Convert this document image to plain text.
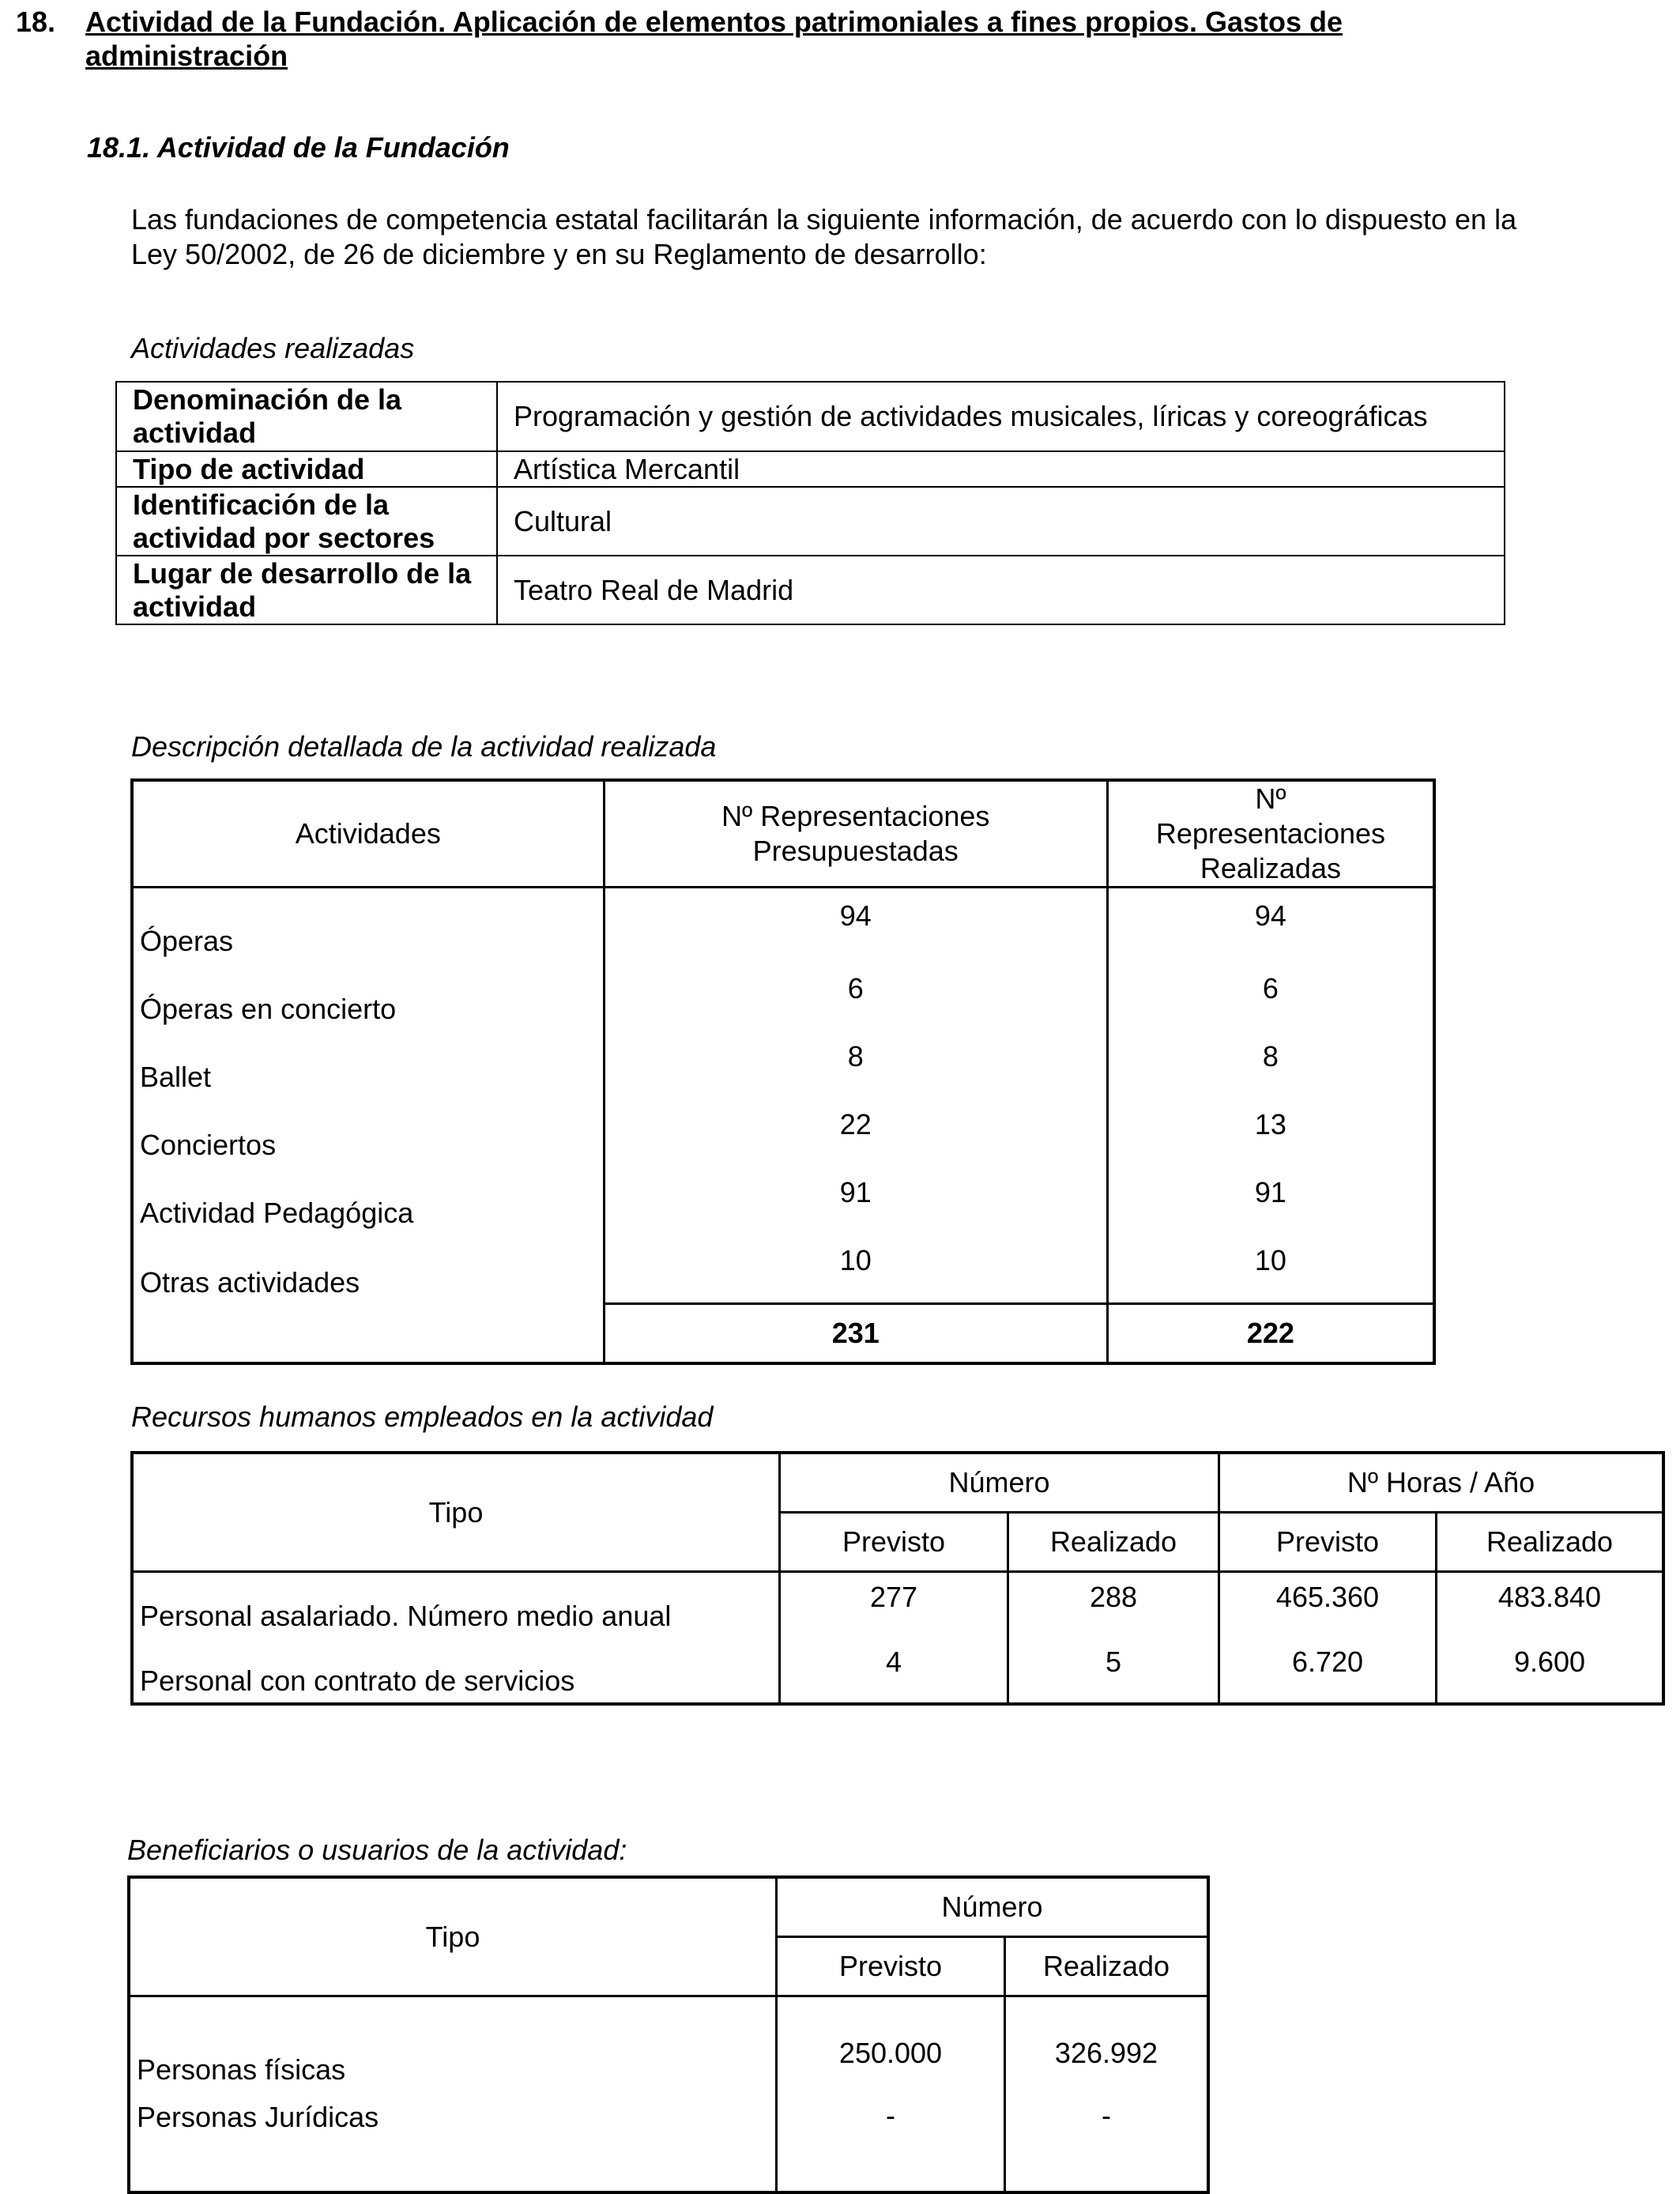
18. Actividad de la Fundación. Aplicación de elementos patrimoniales a fines propios. Gastos de
administración
18.1. Actividad de la Fundación
Las fundaciones de competencia estatal facilitarán la siguiente información, de acuerdo con lo dispuesto en la Ley 50/2002, de 26 de diciembre y en su Reglamento de desarrollo:
Actividades realizadas
Denominación de la actividad	Programación y gestión de actividades musicales, líricas y coreográficas
Tipo de actividad	Artística Mercantil
Identificación de la actividad por sectores	Cultural
Lugar de desarrollo de la actividad	Teatro Real de Madrid
Descripción detallada de la actividad realizada
Actividades	Nº Representaciones Presupuestadas	Nº Representaciones Realizadas
Óperas	94	94
Óperas en concierto	6	6
Ballet	8	8
Conciertos	22	13
Actividad Pedagógica	91	91
Otras actividades	10	10
	231	222
Recursos humanos empleados en la actividad
Tipo	Número		Nº Horas / Año	
	Previsto	Realizado	Previsto	Realizado
Personal asalariado. Número medio anual	277	288	465.360	483.840
Personal con contrato de servicios	4	5	6.720	9.600
Beneficiarios o usuarios de la actividad:
Tipo	Número	
	Previsto	Realizado
Personas físicas	250.000	326.992
Personas Jurídicas	-	-
